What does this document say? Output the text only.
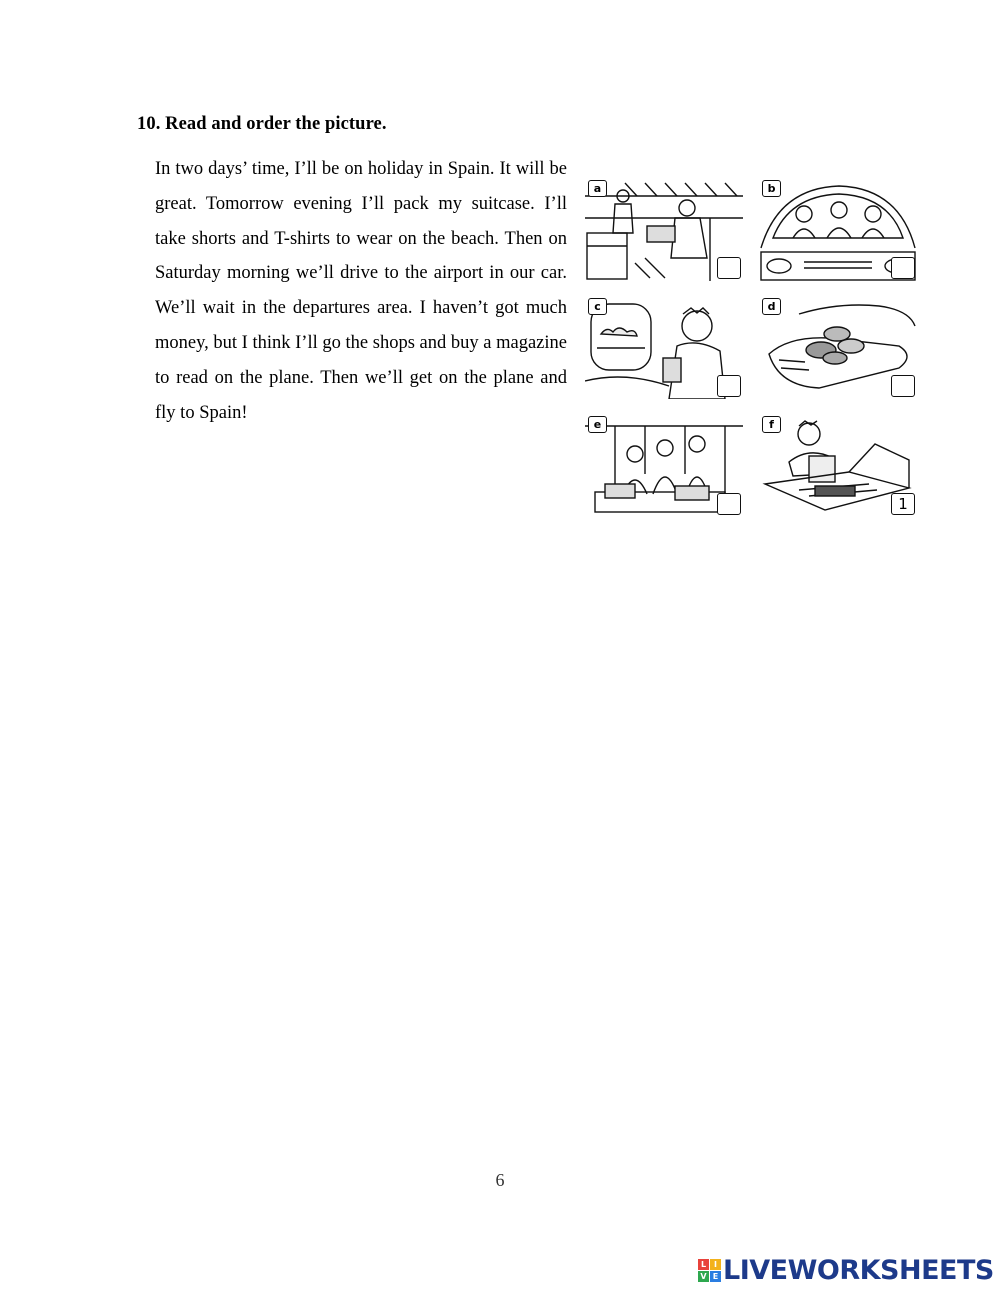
10. Read and order the picture.

In two days’ time, I’ll be on holiday in Spain. It will be great. Tomorrow evening I’ll pack my suitcase. I’ll take shorts and T-shirts to wear on the beach. Then on Saturday morning we’ll drive to the airport in our car. We’ll wait in the departures area. I haven’t got much money, but I think I’ll go the shops and buy a magazine to read on the plane. Then we’ll get on the plane and fly to Spain!

a	b
c	d
e	f
1
6
L I
V E LIVEWORKSHEETS
